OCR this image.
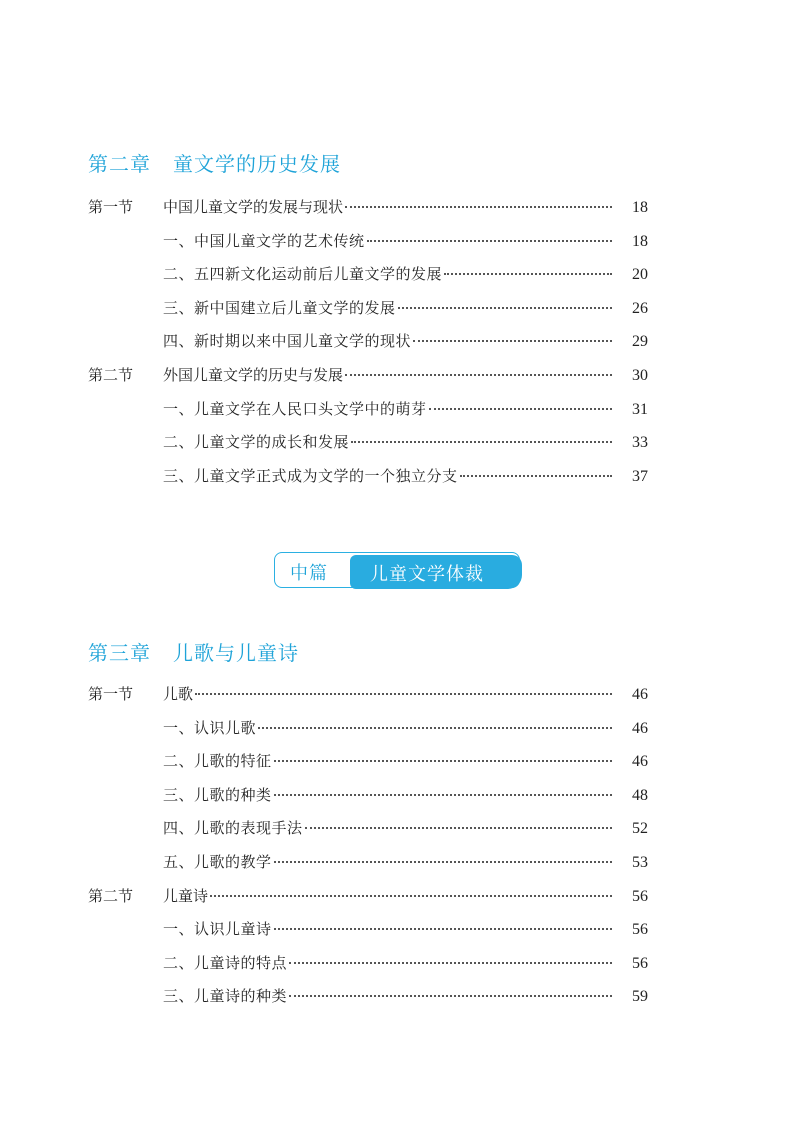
第二章 童文学的历史发展
第一节	中国儿童文学的发展与现状	18
一、中国儿童文学的艺术传统	18
二、五四新文化运动前后儿童文学的发展	20
三、新中国建立后儿童文学的发展	26
四、新时期以来中国儿童文学的现状	29
第二节	外国儿童文学的历史与发展	30
一、儿童文学在人民口头文学中的萌芽	31
二、儿童文学的成长和发展	33
三、儿童文学正式成为文学的一个独立分支	37
中篇 儿童文学体裁
第三章 儿歌与儿童诗
第一节	儿歌	46
一、认识儿歌	46
二、儿歌的特征	46
三、儿歌的种类	48
四、儿歌的表现手法	52
五、儿歌的教学	53
第二节	儿童诗	56
一、认识儿童诗	56
二、儿童诗的特点	56
三、儿童诗的种类	59
